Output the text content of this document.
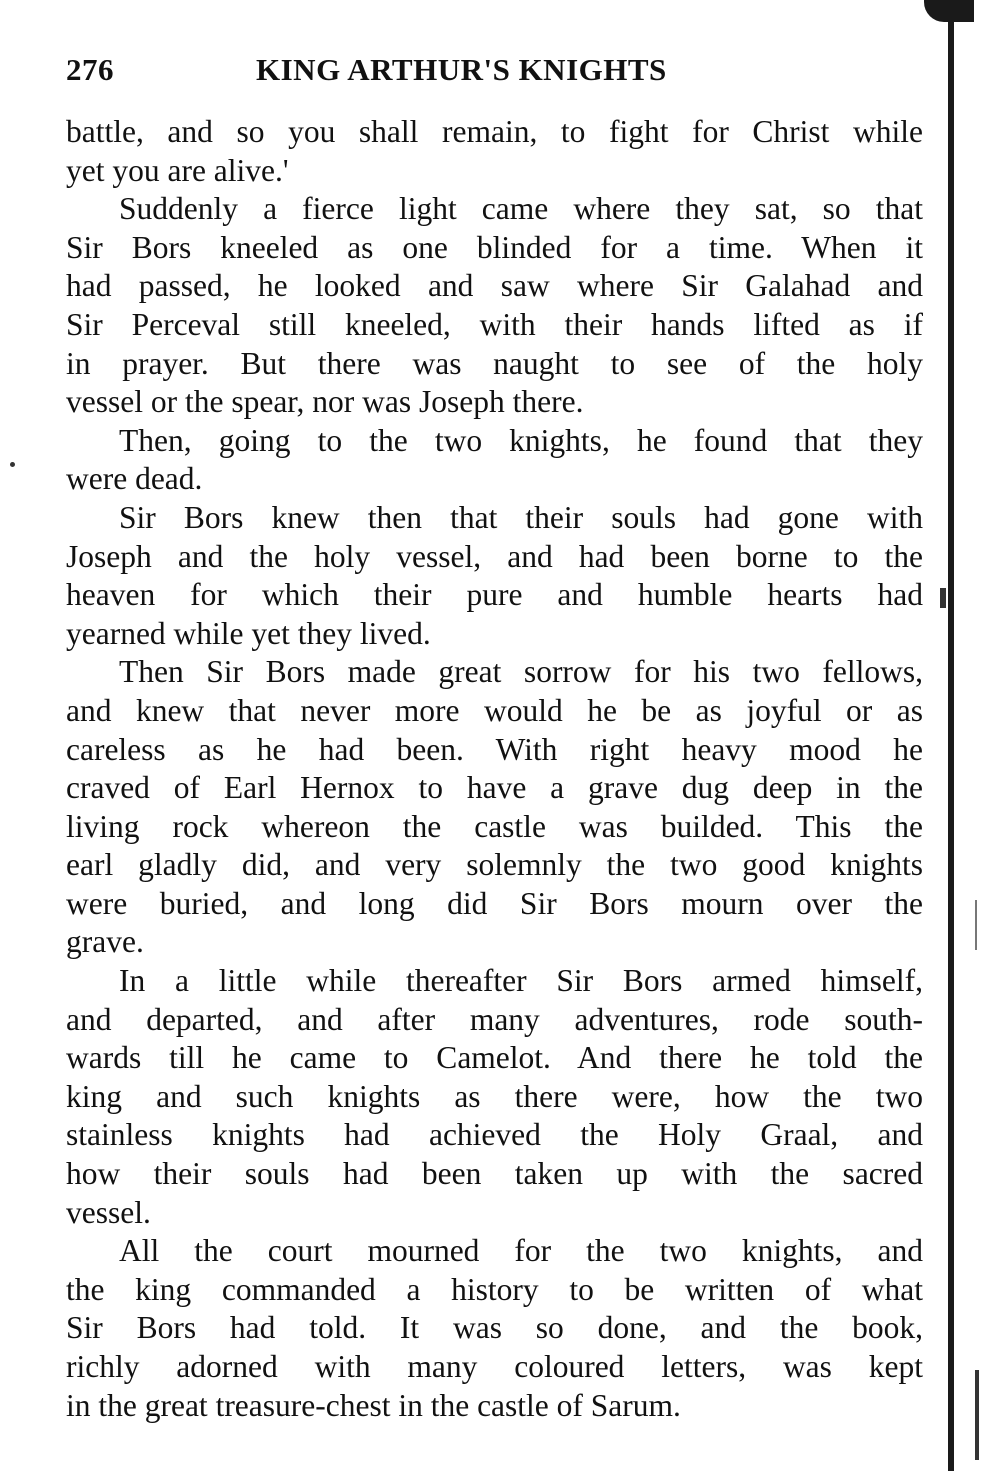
276	KING ARTHUR'S KNIGHTS
battle, and so you shall remain, to fight for Christ while
yet you are alive.'
Suddenly a fierce light came where they sat, so that
Sir Bors kneeled as one blinded for a time. When it
had passed, he looked and saw where Sir Galahad and
Sir Perceval still kneeled, with their hands lifted as if
in prayer. But there was naught to see of the holy
vessel or the spear, nor was Joseph there.
Then, going to the two knights, he found that they
were dead.
Sir Bors knew then that their souls had gone with
Joseph and the holy vessel, and had been borne to the
heaven for which their pure and humble hearts had
yearned while yet they lived.
Then Sir Bors made great sorrow for his two fellows,
and knew that never more would he be as joyful or as
careless as he had been. With right heavy mood he
craved of Earl Hernox to have a grave dug deep in the
living rock whereon the castle was builded. This the
earl gladly did, and very solemnly the two good knights
were buried, and long did Sir Bors mourn over the
grave.
In a little while thereafter Sir Bors armed himself,
and departed, and after many adventures, rode south-
wards till he came to Camelot. And there he told the
king and such knights as there were, how the two
stainless knights had achieved the Holy Graal, and
how their souls had been taken up with the sacred
vessel.
All the court mourned for the two knights, and
the king commanded a history to be written of what
Sir Bors had told. It was so done, and the book,
richly adorned with many coloured letters, was kept
in the great treasure-chest in the castle of Sarum.
